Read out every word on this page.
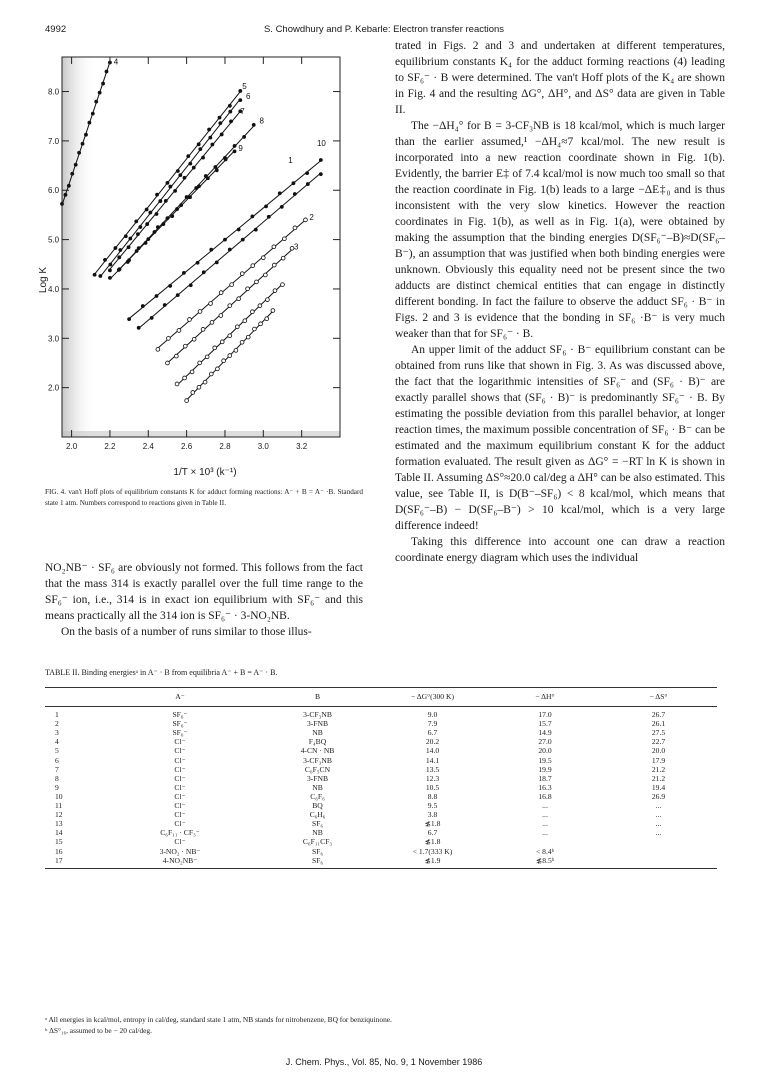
4992	S. Chowdhury and P. Kebarle: Electron transfer reactions
4
5
6
7
8
9
10
1
2
3
2.0
3.0
4.0
5.0
6.0
7.0
8.0
2.0	2.2	2.4	2.6	2.8	3.0	3.2
Log K
1/T × 10³ (k⁻¹)
FIG. 4. van't Hoff plots of equilibrium constants K for adduct forming reactions: A⁻ + B = A⁻ ·B. Standard state 1 atm. Numbers correspond to reactions given in Table II.

NO₂NB⁻ · SF₆ are obviously not formed. This follows from the fact that the mass 314 is exactly parallel over the full time range to the SF₆⁻ ion, i.e., 314 is in exact ion equilibrium with SF₆⁻ and this means practically all the 314 ion is SF₆⁻ · 3-NO₂NB.

On the basis of a number of runs similar to those illus-

trated in Figs. 2 and 3 and undertaken at different temperatures, equilibrium constants K₄ for the adduct forming reactions (4) leading to SF₆⁻ · B were determined. The van't Hoff plots of the K₄ are shown in Fig. 4 and the resulting ΔG°, ΔH°, and ΔS° data are given in Table II.

The −ΔH₄° for B = 3-CF₃NB is 18 kcal/mol, which is much larger than the earlier assumed,¹ −ΔH₄≈7 kcal/mol. The new result is incorporated into a new reaction coordinate shown in Fig. 1(b). Evidently, the barrier E‡ of 7.4 kcal/mol is now much too small so that the reaction coordinate in Fig. 1(b) leads to a large −ΔE‡₀ and is thus inconsistent with the very slow kinetics. However the reaction coordinates in Fig. 1(b), as well as in Fig. 1(a), were obtained by making the assumption that the binding energies D(SF₆⁻–B)≈D(SF₆–B⁻), an assumption that was justified when both binding energies were unknown. Obviously this equality need not be present since the two adducts are distinct chemical entities that can engage in distinctly different bonding. In fact the failure to observe the adduct SF₆ · B⁻ in Figs. 2 and 3 is evidence that the bonding in SF₆ ·B⁻ is very much weaker than that for SF₆⁻ · B.

An upper limit of the adduct SF₆ · B⁻ equilibrium constant can be obtained from runs like that shown in Fig. 3. As was discussed above, the fact that the logarithmic intensities of SF₆⁻ and (SF₆ · B)⁻ are exactly parallel shows that (SF₆ · B)⁻ is predominantly SF₆⁻ · B. By estimating the possible deviation from this parallel behavior, at longer reaction times, the maximum possible concentration of SF₆ · B⁻ can be estimated and the maximum equilibrium constant K for the adduct formation evaluated. The result given as ΔG° = −RT ln K is shown in Table II. Assuming ΔS°≈20.0 cal/deg a ΔH° can be also estimated. This value, see Table II, is D(B⁻–SF₆) < 8 kcal/mol, which means that D(SF₆⁻–B) − D(SF₆–B⁻) > 10 kcal/mol, which is a very large difference indeed!

Taking this difference into account one can draw a reaction coordinate energy diagram which uses the individual

TABLE II. Binding energiesᵃ in A⁻ · B from equilibria A⁻ + B = A⁻ · B.
	A⁻	B	− ΔG°(300 K)	− ΔH°	− ΔS°
1	SF₆⁻	3-CF₃NB	9.0	17.0	26.7
2	SF₆⁻	3-FNB	7.9	15.7	26.1
3	SF₆⁻	NB	6.7	14.9	27.5
4	Cl⁻	F₄BQ	20.2	27.0	22.7
5	Cl⁻	4-CN · NB	14.0	20.0	20.0
6	Cl⁻	3-CF₃NB	14.1	19.5	17.9
7	Cl⁻	C₆F₅CN	13.5	19.9	21.2
8	Cl⁻	3-FNB	12.3	18.7	21.2
9	Cl⁻	NB	10.5	16.3	19.4
10	Cl⁻	C₆F₆	8.8	16.8	26.9
11	Cl⁻	BQ	9.5	...	...
12	Cl⁻	C₆H₆	3.8	...	...
13	Cl⁻	SF₆	≴1.8	...	...
14	C₆F₁₁ · CF₃⁻	NB	6.7	...	...
15	Cl⁻	C₆F₁₁CF₃	≴1.8		
16	3-NO₂ · NB⁻	SF₆	< 1.7(333 K)	< 8.4ᵇ	
17	4-NO₂NB⁻	SF₆	≴1.9	≴8.5ᵇ	
ᵃ All energies in kcal/mol, entropy in cal/deg, standard state 1 atm, NB stands for nitrobenzene, BQ for benziquinone.
ᵇ ΔS°₁₆, assumed to be − 20 cal/deg.
J. Chem. Phys., Vol. 85, No. 9, 1 November 1986
